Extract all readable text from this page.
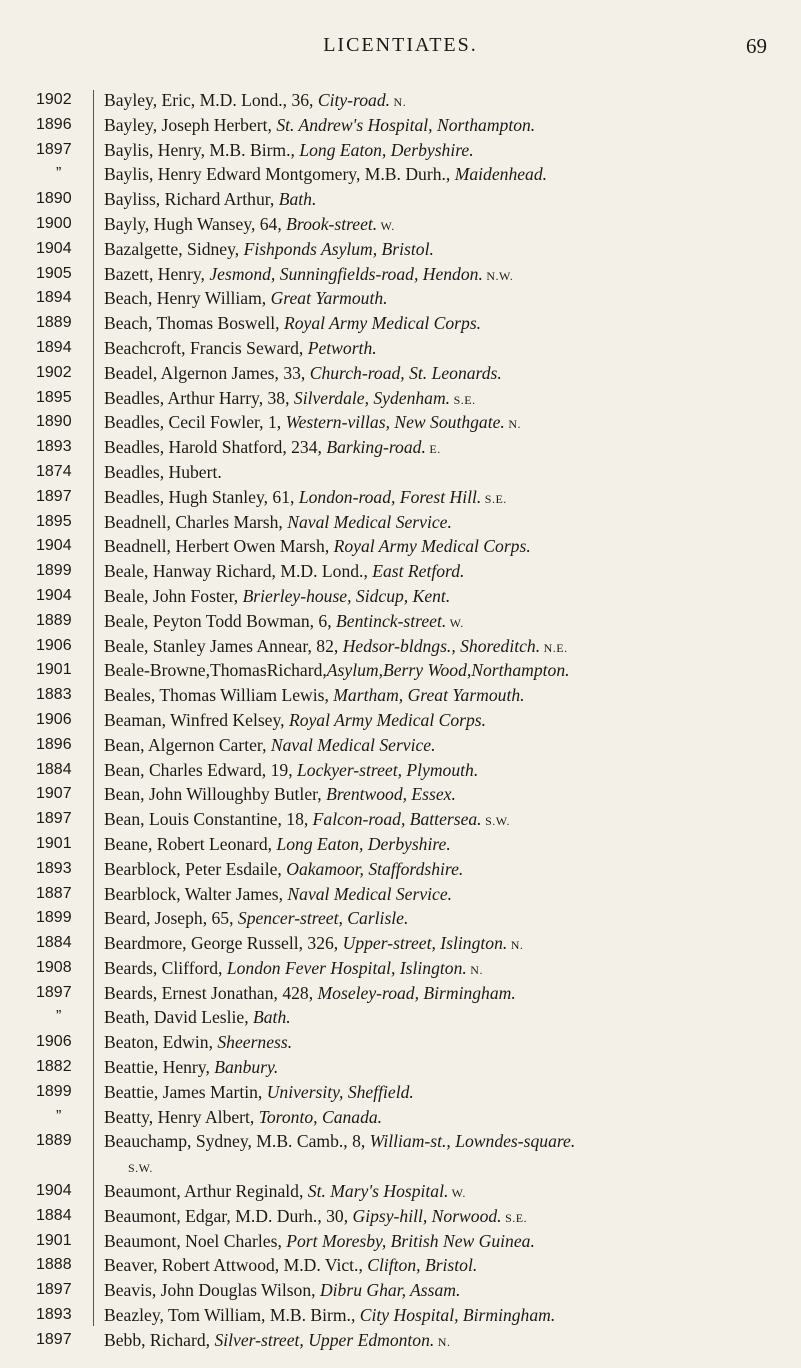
LICENTIATES.	69
1902	Bayley, Eric, M.D. Lond., 36, City-road. N.
1896	Bayley, Joseph Herbert, St. Andrew's Hospital, Northampton.
1897	Baylis, Henry, M.B. Birm., Long Eaton, Derbyshire.
”	Baylis, Henry Edward Montgomery, M.B. Durh., Maidenhead.
1890	Bayliss, Richard Arthur, Bath.
1900	Bayly, Hugh Wansey, 64, Brook-street. W.
1904	Bazalgette, Sidney, Fishponds Asylum, Bristol.
1905	Bazett, Henry, Jesmond, Sunningfields-road, Hendon. N.W.
1894	Beach, Henry William, Great Yarmouth.
1889	Beach, Thomas Boswell, Royal Army Medical Corps.
1894	Beachcroft, Francis Seward, Petworth.
1902	Beadel, Algernon James, 33, Church-road, St. Leonards.
1895	Beadles, Arthur Harry, 38, Silverdale, Sydenham. S.E.
1890	Beadles, Cecil Fowler, 1, Western-villas, New Southgate. N.
1893	Beadles, Harold Shatford, 234, Barking-road. E.
1874	Beadles, Hubert.
1897	Beadles, Hugh Stanley, 61, London-road, Forest Hill. S.E.
1895	Beadnell, Charles Marsh, Naval Medical Service.
1904	Beadnell, Herbert Owen Marsh, Royal Army Medical Corps.
1899	Beale, Hanway Richard, M.D. Lond., East Retford.
1904	Beale, John Foster, Brierley-house, Sidcup, Kent.
1889	Beale, Peyton Todd Bowman, 6, Bentinck-street. W.
1906	Beale, Stanley James Annear, 82, Hedsor-bldngs., Shoreditch. N.E.
1901	Beale-Browne,ThomasRichard,Asylum,Berry Wood,Northampton.
1883	Beales, Thomas William Lewis, Martham, Great Yarmouth.
1906	Beaman, Winfred Kelsey, Royal Army Medical Corps.
1896	Bean, Algernon Carter, Naval Medical Service.
1884	Bean, Charles Edward, 19, Lockyer-street, Plymouth.
1907	Bean, John Willoughby Butler, Brentwood, Essex.
1897	Bean, Louis Constantine, 18, Falcon-road, Battersea. S.W.
1901	Beane, Robert Leonard, Long Eaton, Derbyshire.
1893	Bearblock, Peter Esdaile, Oakamoor, Staffordshire.
1887	Bearblock, Walter James, Naval Medical Service.
1899	Beard, Joseph, 65, Spencer-street, Carlisle.
1884	Beardmore, George Russell, 326, Upper-street, Islington. N.
1908	Beards, Clifford, London Fever Hospital, Islington. N.
1897	Beards, Ernest Jonathan, 428, Moseley-road, Birmingham.
”	Beath, David Leslie, Bath.
1906	Beaton, Edwin, Sheerness.
1882	Beattie, Henry, Banbury.
1899	Beattie, James Martin, University, Sheffield.
”	Beatty, Henry Albert, Toronto, Canada.
1889	Beauchamp, Sydney, M.B. Camb., 8, William-st., Lowndes-square.
S.W.
1904	Beaumont, Arthur Reginald, St. Mary's Hospital. W.
1884	Beaumont, Edgar, M.D. Durh., 30, Gipsy-hill, Norwood. S.E.
1901	Beaumont, Noel Charles, Port Moresby, British New Guinea.
1888	Beaver, Robert Attwood, M.D. Vict., Clifton, Bristol.
1897	Beavis, John Douglas Wilson, Dibru Ghar, Assam.
1893	Beazley, Tom William, M.B. Birm., City Hospital, Birmingham.
1897	Bebb, Richard, Silver-street, Upper Edmonton. N.
